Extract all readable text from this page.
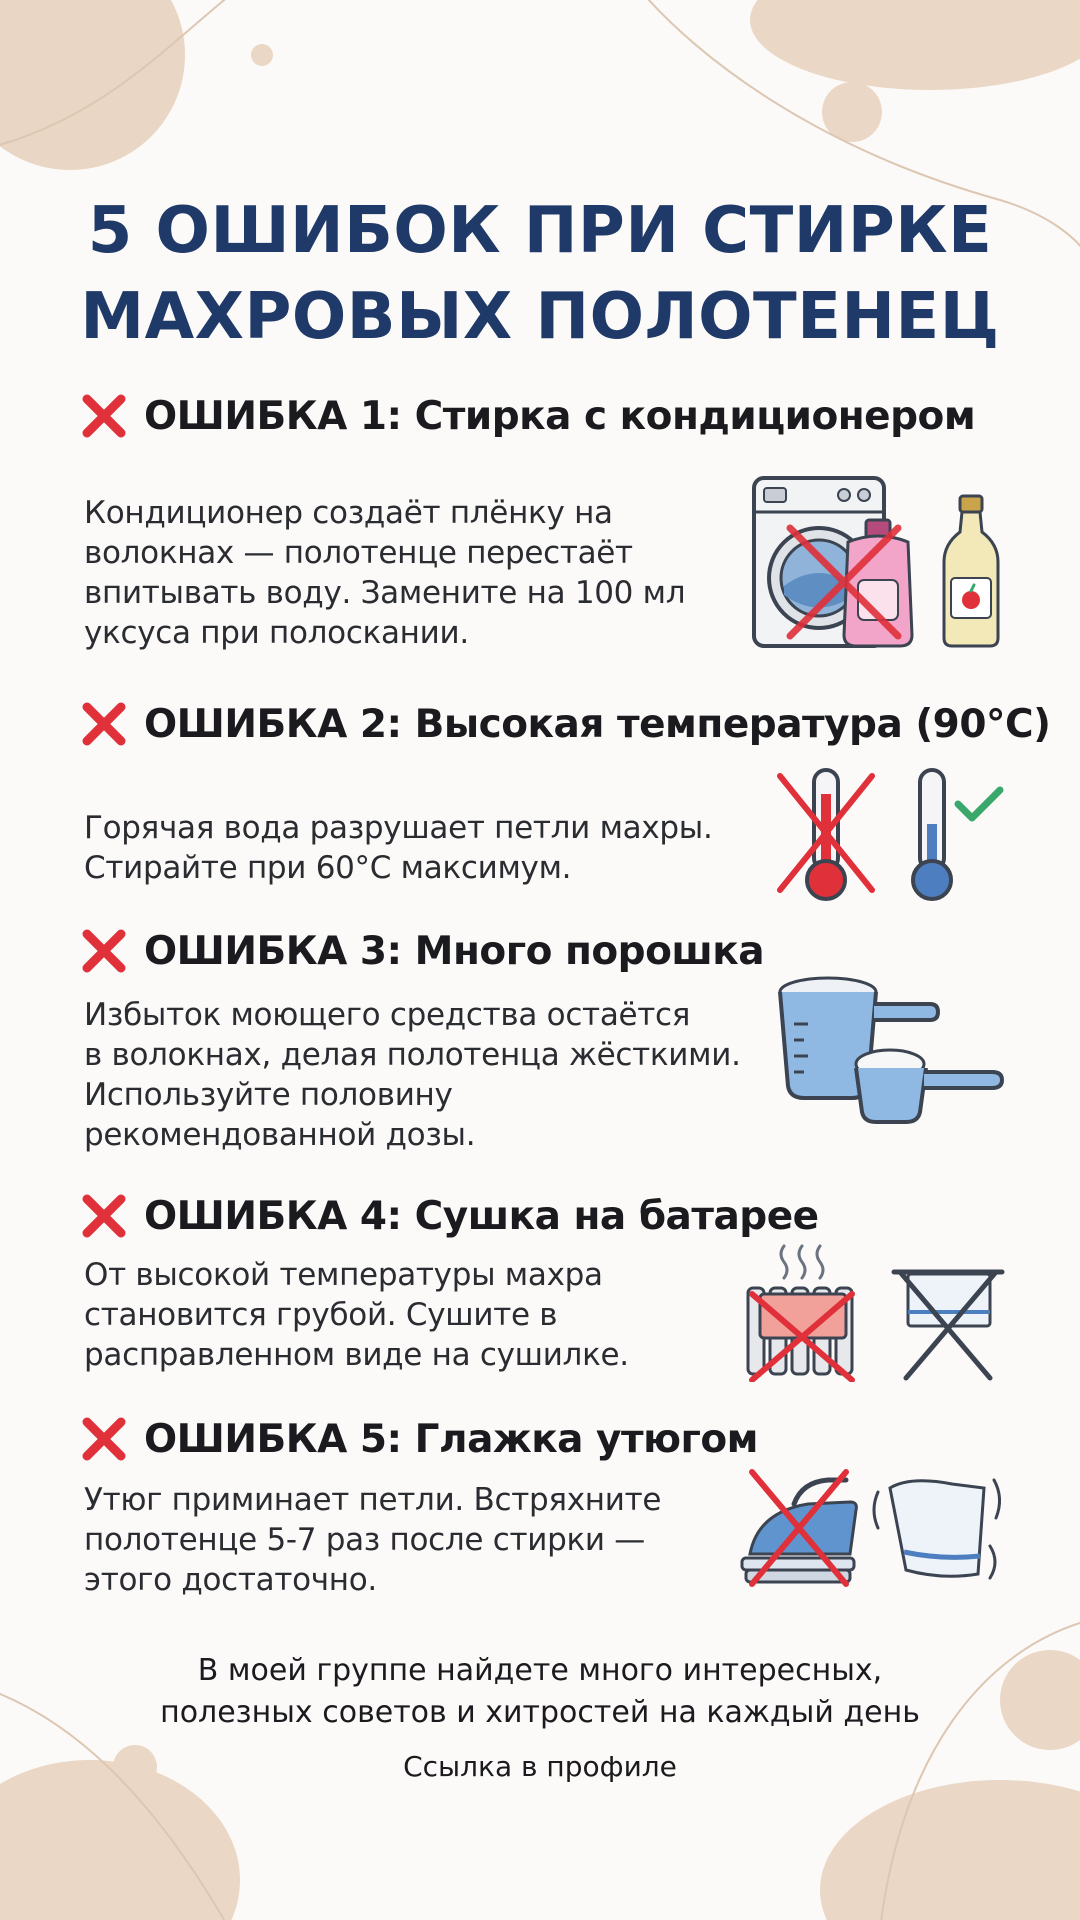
5 ОШИБОК ПРИ СТИРКЕ
МАХРОВЫХ ПОЛОТЕНЕЦ
ОШИБКА 1: Стирка с кондиционером
Кондиционер создаёт плёнку на
волокнах — полотенце перестаёт
впитывать воду. Замените на 100 мл
уксуса при полоскании.
ОШИБКА 2: Высокая температура (90°C)
Горячая вода разрушает петли махры.
Стирайте при 60°C максимум.
ОШИБКА 3: Много порошка
Избыток моющего средства остаётся
в волокнах, делая полотенца жёсткими.
Используйте половину
рекомендованной дозы.
ОШИБКА 4: Сушка на батарее
От высокой температуры махра
становится грубой. Сушите в
расправленном виде на сушилке.
ОШИБКА 5: Глажка утюгом
Утюг приминает петли. Встряхните
полотенце 5-7 раз после стирки —
этого достаточно.
В моей группе найдете много интересных,
полезных советов и хитростей на каждый день
Ссылка в профиле
